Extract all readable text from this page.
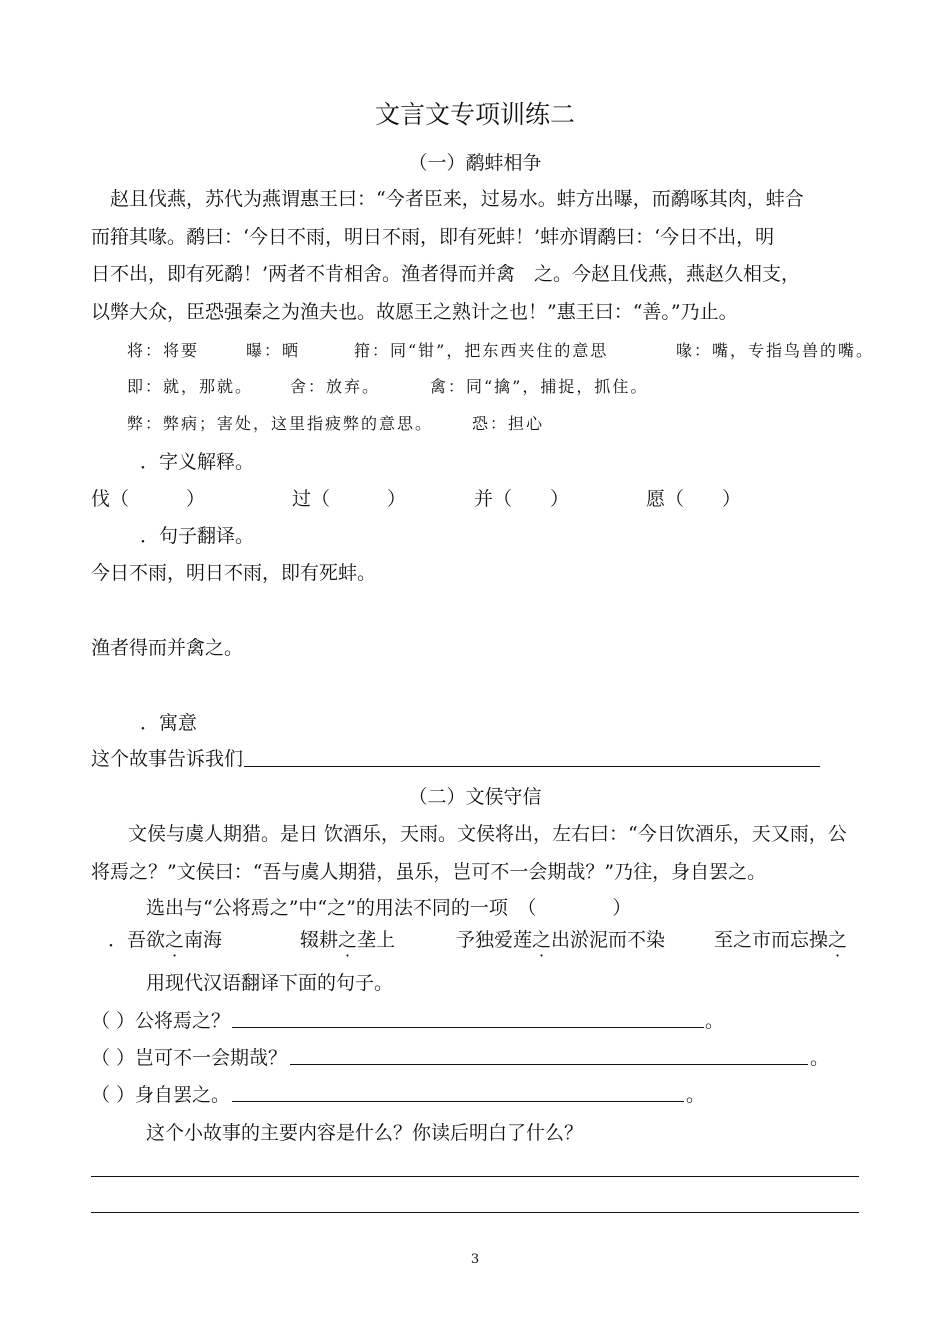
文言文专项训练二
（一）鹬蚌相争
赵且伐燕，苏代为燕谓惠王曰：“今者臣来，过易水。蚌方出曝，而鹬啄其肉，蚌合
而箝其喙。鹬曰：‘今日不雨，明日不雨，即有死蚌！’蚌亦谓鹬曰：‘今日不出，明
日不出，即有死鹬！’两者不肯相舍。渔者得而并禽　之。今赵且伐燕，燕赵久相支，
以弊大众，臣恐强秦之为渔夫也。故愿王之熟计之也！”惠王曰：“善。”乃止。
将：将要	曝：晒	箝：同“钳”，把东西夹住的意思	喙：嘴，专指鸟兽的嘴。
即：就，那就。 舍：放弃。	禽：同“擒”，捕捉，抓住。
弊：弊病；害处，这里指疲弊的意思。 恐：担心
．字义解释。
伐（　　　）	过（　　　）	并（　　）	愿（　　）
．句子翻译。
今日不雨，明日不雨，即有死蚌。
渔者得而并禽之。
．寓意
这个故事告诉我们
（二）文侯守信
文侯与虞人期猎。是日 饮酒乐，天雨。文侯将出，左右曰：“今日饮酒乐，天又雨，公
将焉之？”文侯曰：“吾与虞人期猎，虽乐，岂可不一会期哉？”乃往，身自罢之。
选出与“公将焉之”中“之”的用法不同的一项　（　　　　）
．吾欲之南海	辍耕之垄上	予独爱莲之出淤泥而不染	至之市而忘操之
用现代汉语翻译下面的句子。
（ ）公将焉之？	。
（ ）岂可不一会期哉？	。
（ ）身自罢之。	。
这个小故事的主要内容是什么？你读后明白了什么？
3
